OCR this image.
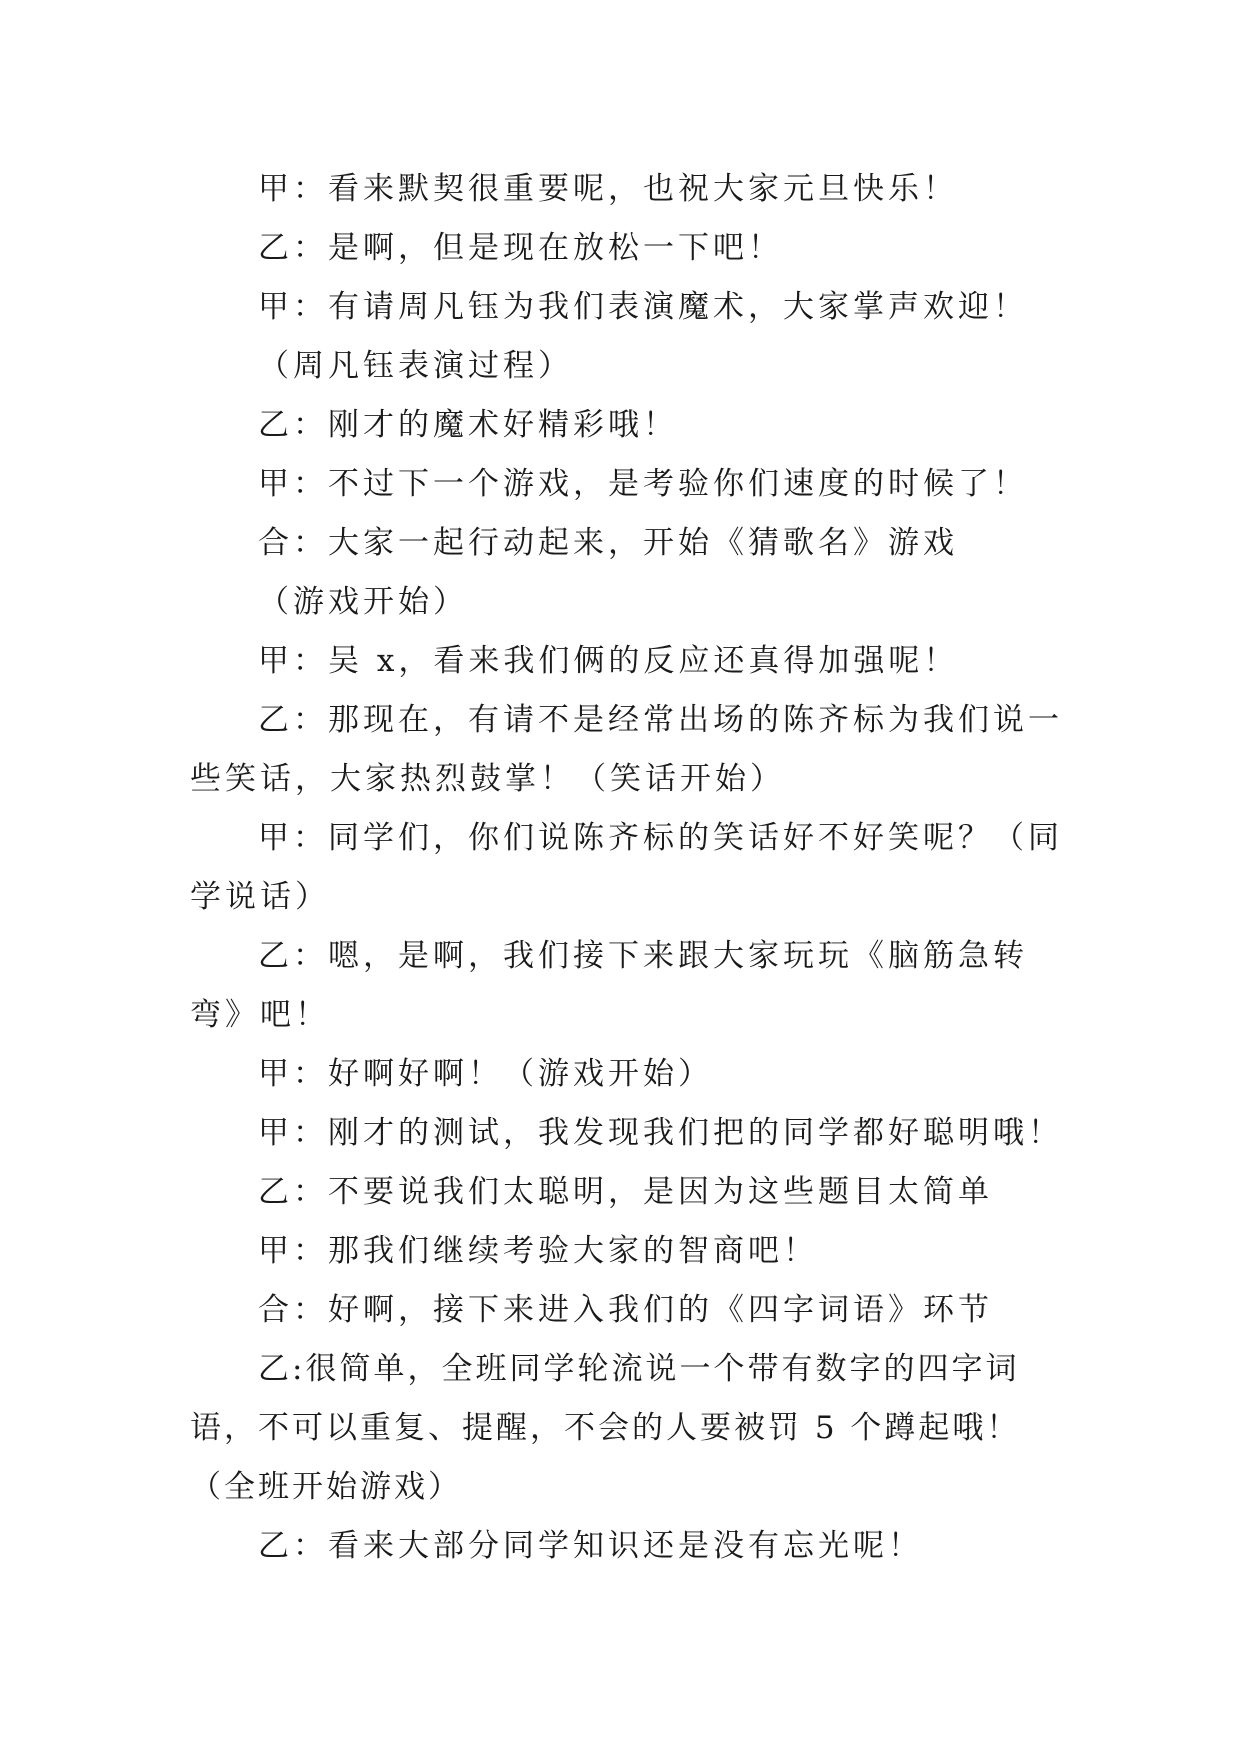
甲：看来默契很重要呢，也祝大家元旦快乐！

乙：是啊，但是现在放松一下吧！

甲：有请周凡钰为我们表演魔术，大家掌声欢迎！

（周凡钰表演过程）

乙：刚才的魔术好精彩哦！

甲：不过下一个游戏，是考验你们速度的时候了！

合：大家一起行动起来，开始《猜歌名》游戏

（游戏开始）

甲：吴 x，看来我们俩的反应还真得加强呢！

乙：那现在，有请不是经常出场的陈齐标为我们说一些笑话，大家热烈鼓掌！（笑话开始）

甲：同学们，你们说陈齐标的笑话好不好笑呢？（同学说话）

乙：嗯，是啊，我们接下来跟大家玩玩《脑筋急转弯》吧！

甲：好啊好啊！（游戏开始）

甲：刚才的测试，我发现我们把的同学都好聪明哦！

乙：不要说我们太聪明，是因为这些题目太简单

甲：那我们继续考验大家的智商吧！

合：好啊，接下来进入我们的《四字词语》环节

乙:很简单，全班同学轮流说一个带有数字的四字词语，不可以重复、提醒，不会的人要被罚 5 个蹲起哦！（全班开始游戏）

乙：看来大部分同学知识还是没有忘光呢！
